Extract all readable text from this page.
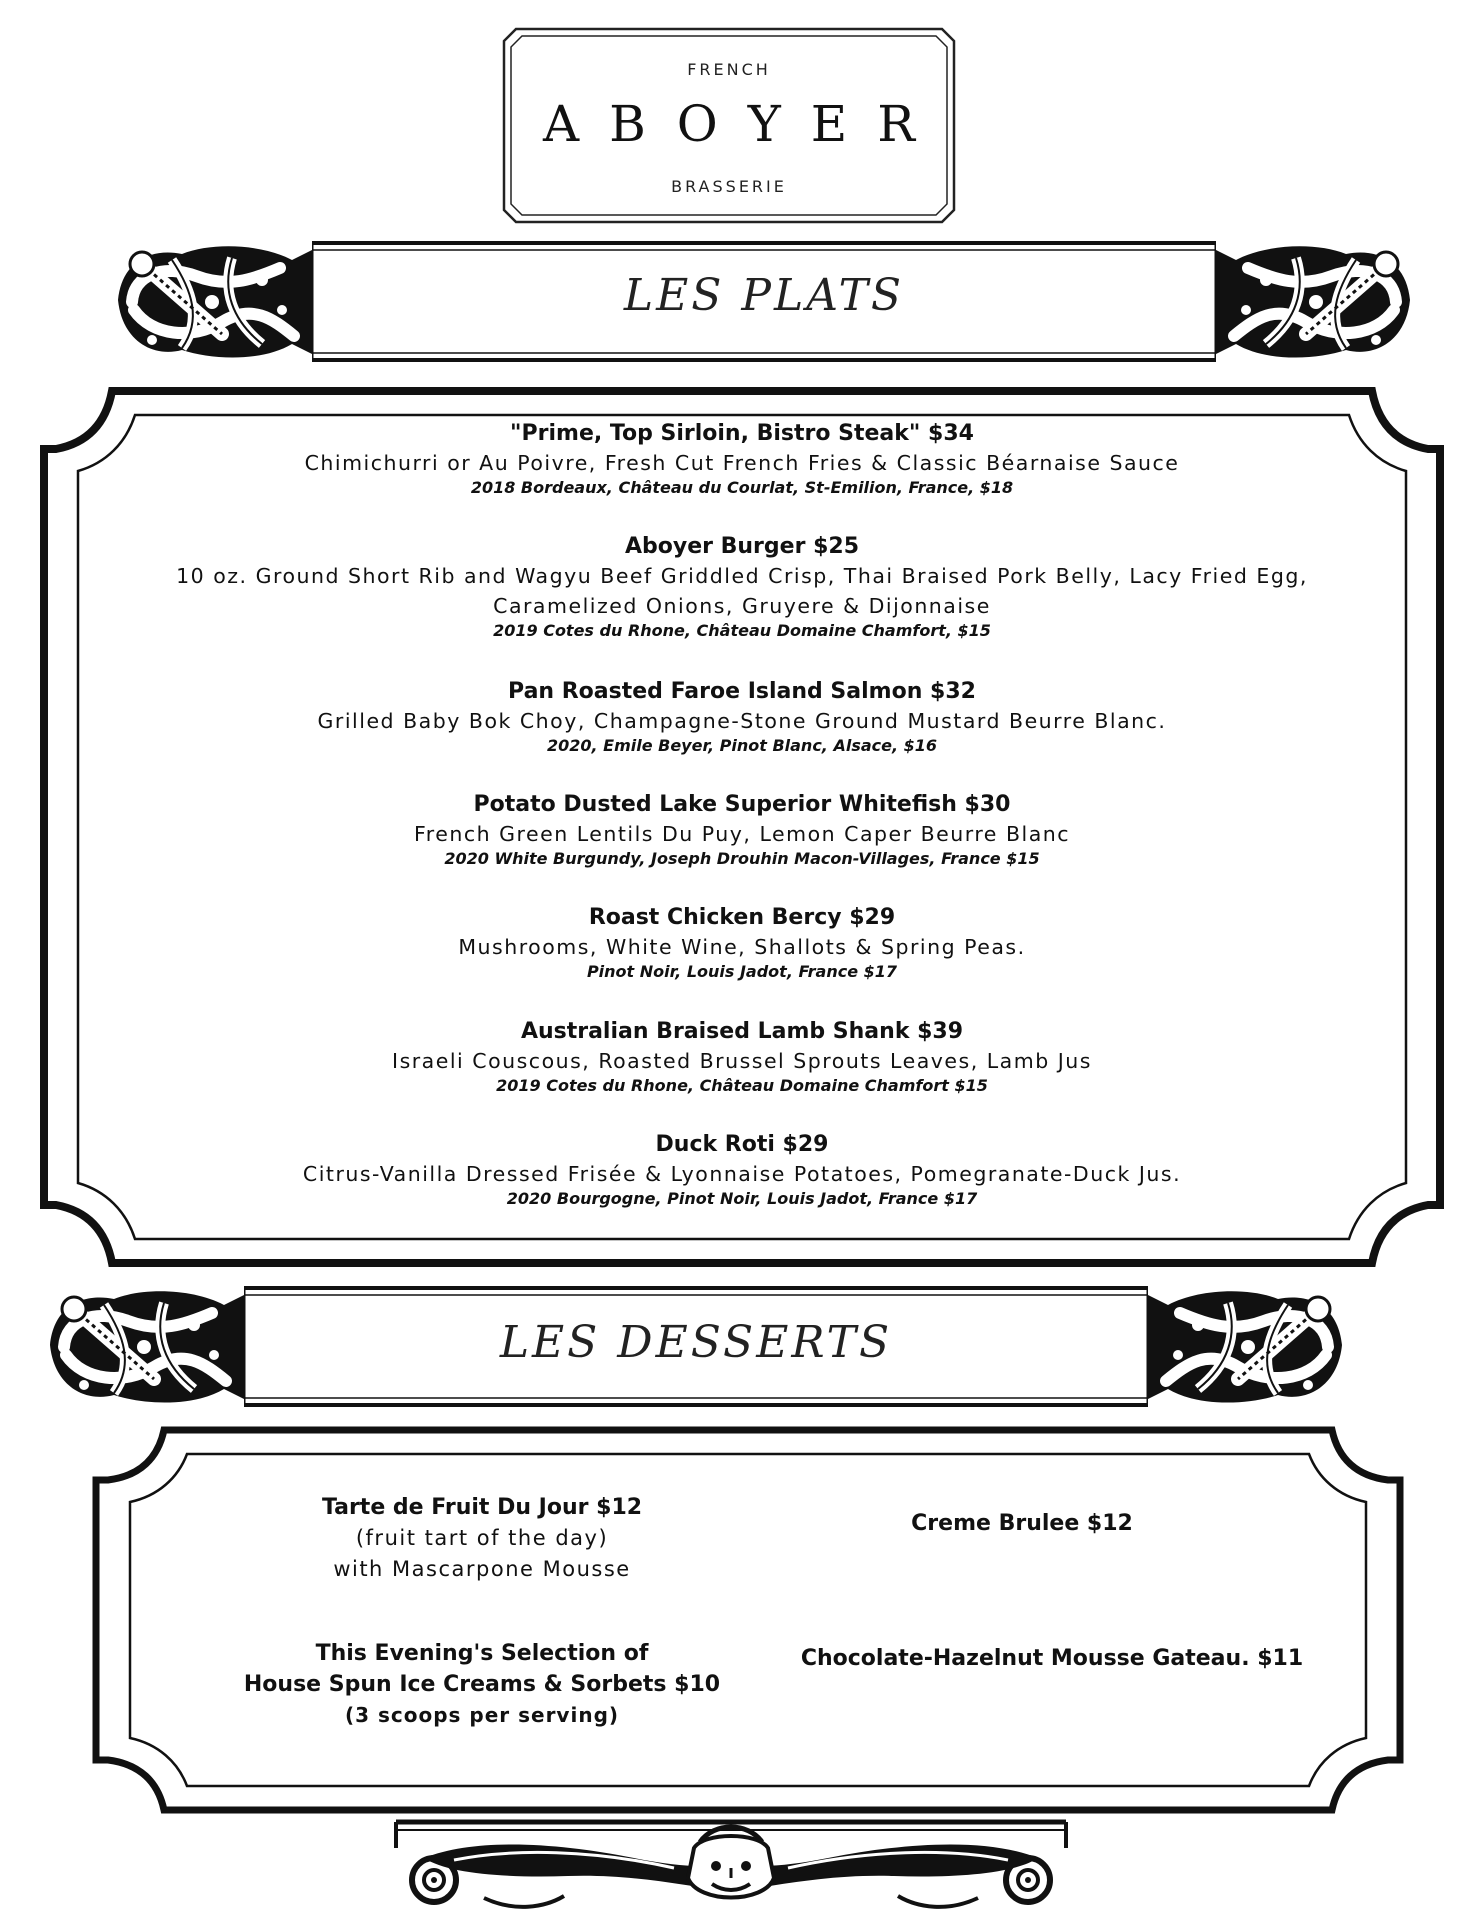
FRENCH
ABOYER
BRASSERIE
LES PLATS
"Prime, Top Sirloin, Bistro Steak" $34
Chimichurri or Au Poivre, Fresh Cut French Fries & Classic Béarnaise Sauce
2018 Bordeaux, Château du Courlat, St-Emilion, France, $18
Aboyer Burger $25
10 oz. Ground Short Rib and Wagyu Beef Griddled Crisp, Thai Braised Pork Belly, Lacy Fried Egg,
Caramelized Onions, Gruyere & Dijonnaise
2019 Cotes du Rhone, Château Domaine Chamfort, $15
Pan Roasted Faroe Island Salmon $32
Grilled Baby Bok Choy, Champagne-Stone Ground Mustard Beurre Blanc.
2020, Emile Beyer, Pinot Blanc, Alsace, $16
Potato Dusted Lake Superior Whitefish $30
French Green Lentils Du Puy, Lemon Caper Beurre Blanc
2020 White Burgundy, Joseph Drouhin Macon-Villages, France $15
Roast Chicken Bercy $29
Mushrooms, White Wine, Shallots & Spring Peas.
Pinot Noir, Louis Jadot, France $17
Australian Braised Lamb Shank $39
Israeli Couscous, Roasted Brussel Sprouts Leaves, Lamb Jus
2019 Cotes du Rhone, Château Domaine Chamfort $15
Duck Roti $29
Citrus-Vanilla Dressed Frisée & Lyonnaise Potatoes, Pomegranate-Duck Jus.
2020 Bourgogne, Pinot Noir, Louis Jadot, France $17
LES DESSERTS
Tarte de Fruit Du Jour $12
(fruit tart of the day)
with Mascarpone Mousse
Creme Brulee $12
This Evening's Selection of
House Spun Ice Creams & Sorbets $10
(3 scoops per serving)
Chocolate-Hazelnut Mousse Gateau. $11
